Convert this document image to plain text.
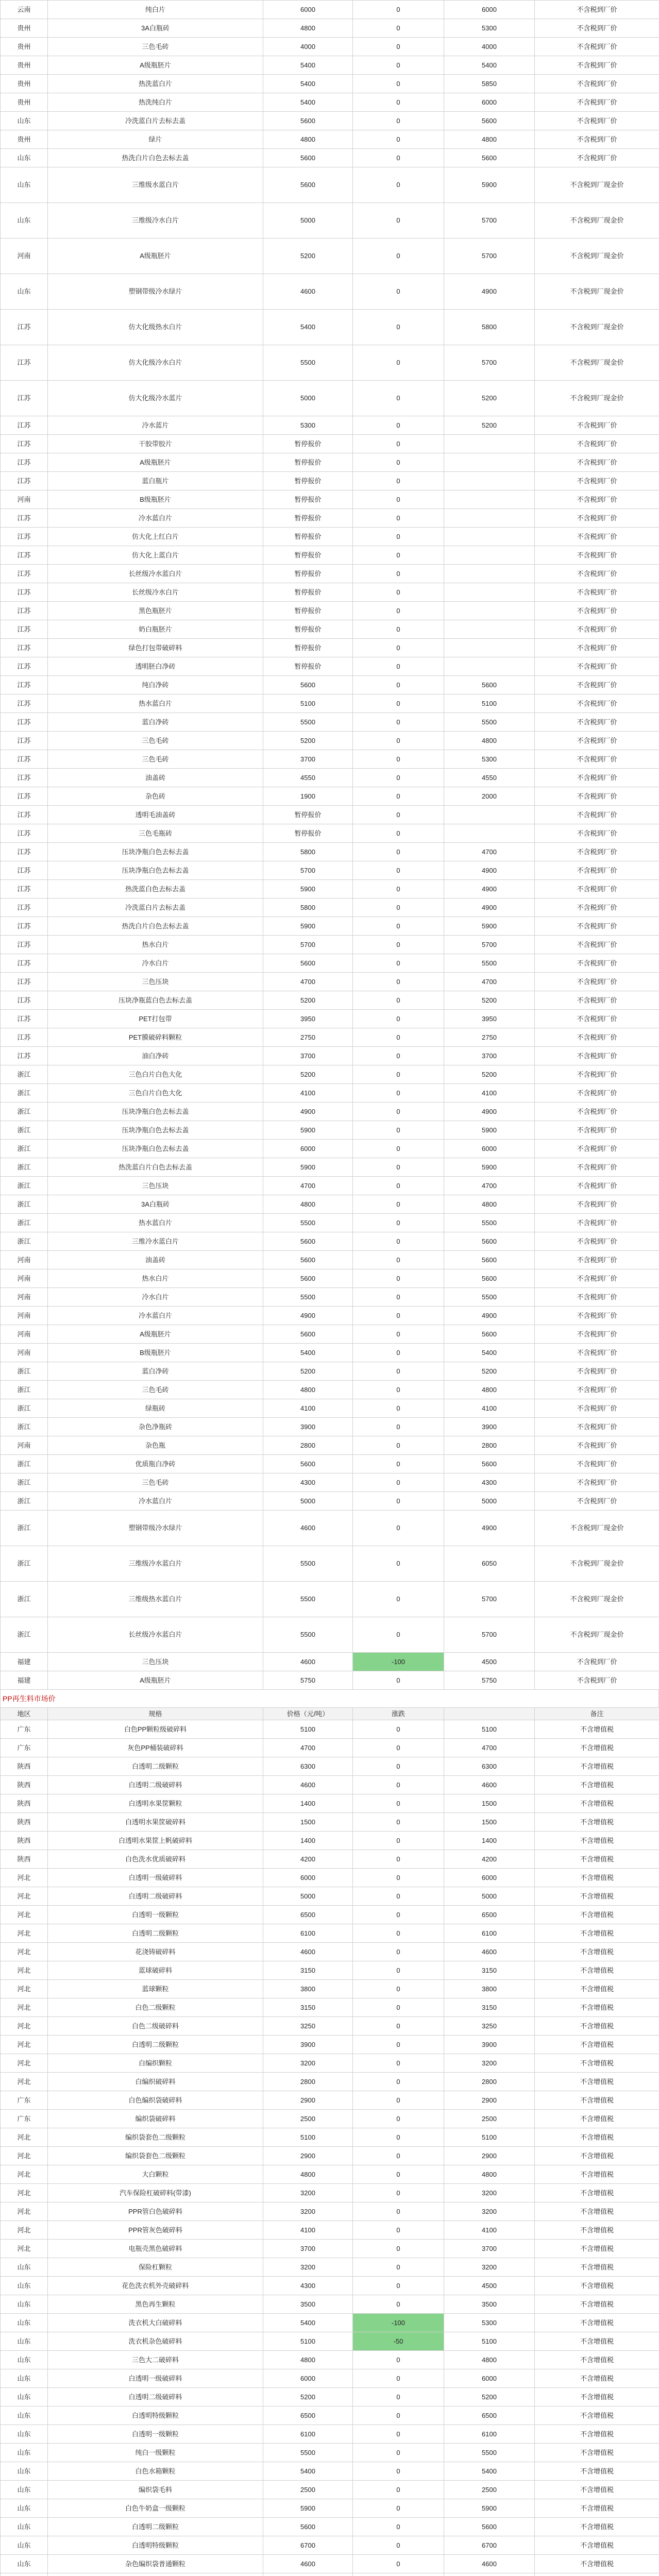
云南	纯白片	6000	0	6000	不含税到厂价
贵州	3A白瓶砖	4800	0	5300	不含税到厂价
贵州	三色毛砖	4000	0	4000	不含税到厂价
贵州	A级瓶胚片	5400	0	5400	不含税到厂价
贵州	热洗蓝白片	5400	0	5850	不含税到厂价
贵州	热洗纯白片	5400	0	6000	不含税到厂价
山东	冷洗蓝白片去标去盖	5600	0	5600	不含税到厂价
贵州	绿片	4800	0	4800	不含税到厂价
山东	热洗白片白色去标去盖	5600	0	5600	不含税到厂价
山东	三维级水蓝白片	5600	0	5900	不含税到厂现金价
山东	三维级冷水白片	5000	0	5700	不含税到厂现金价
河南	A级瓶胚片	5200	0	5700	不含税到厂现金价
山东	塑钢带级冷水绿片	4600	0	4900	不含税到厂现金价
江苏	仿大化级热水白片	5400	0	5800	不含税到厂现金价
江苏	仿大化级冷水白片	5500	0	5700	不含税到厂现金价
江苏	仿大化级冷水蓝片	5000	0	5200	不含税到厂现金价
江苏	冷水蓝片	5300	0	5200	不含税到厂价
江苏	干胶带胶片	暂停报价	0		不含税到厂价
江苏	A级瓶胚片	暂停报价	0		不含税到厂价
江苏	蓝白瓶片	暂停报价	0		不含税到厂价
河南	B级瓶胚片	暂停报价	0		不含税到厂价
江苏	冷水蓝白片	暂停报价	0		不含税到厂价
江苏	仿大化上红白片	暂停报价	0		不含税到厂价
江苏	仿大化上蓝白片	暂停报价	0		不含税到厂价
江苏	长丝级冷水蓝白片	暂停报价	0		不含税到厂价
江苏	长丝级冷水白片	暂停报价	0		不含税到厂价
江苏	黑色瓶胚片	暂停报价	0		不含税到厂价
江苏	奶白瓶胚片	暂停报价	0		不含税到厂价
江苏	绿色打包带破碎料	暂停报价	0		不含税到厂价
江苏	透明胚白净砖	暂停报价	0		不含税到厂价
江苏	纯白净砖	5600	0	5600	不含税到厂价
江苏	热水蓝白片	5100	0	5100	不含税到厂价
江苏	蓝白净砖	5500	0	5500	不含税到厂价
江苏	三色毛砖	5200	0	4800	不含税到厂价
江苏	三色毛砖	3700	0	5300	不含税到厂价
江苏	油盖砖	4550	0	4550	不含税到厂价
江苏	杂色砖	1900	0	2000	不含税到厂价
江苏	透明毛油盖砖	暂停报价	0		不含税到厂价
江苏	三色毛瓶砖	暂停报价	0		不含税到厂价
江苏	压块净瓶白色去标去盖	5800	0	4700	不含税到厂价
江苏	压块净瓶白色去标去盖	5700	0	4900	不含税到厂价
江苏	热洗蓝白色去标去盖	5900	0	4900	不含税到厂价
江苏	冷洗蓝白片去标去盖	5800	0	4900	不含税到厂价
江苏	热洗白片白色去标去盖	5900	0	5900	不含税到厂价
江苏	热水白片	5700	0	5700	不含税到厂价
江苏	冷水白片	5600	0	5500	不含税到厂价
江苏	三色压块	4700	0	4700	不含税到厂价
江苏	压块净瓶蓝白色去标去盖	5200	0	5200	不含税到厂价
江苏	PET打包带	3950	0	3950	不含税到厂价
江苏	PET膜破碎料颗粒	2750	0	2750	不含税到厂价
江苏	油白净砖	3700	0	3700	不含税到厂价
浙江	三色白片白色大化	5200	0	5200	不含税到厂价
浙江	三色白片白色大化	4100	0	4100	不含税到厂价
浙江	压块净瓶白色去标去盖	4900	0	4900	不含税到厂价
浙江	压块净瓶白色去标去盖	5900	0	5900	不含税到厂价
浙江	压块净瓶白色去标去盖	6000	0	6000	不含税到厂价
浙江	热洗蓝白片白色去标去盖	5900	0	5900	不含税到厂价
浙江	三色压块	4700	0	4700	不含税到厂价
浙江	3A白瓶砖	4800	0	4800	不含税到厂价
浙江	热水蓝白片	5500	0	5500	不含税到厂价
浙江	三维冷水蓝白片	5600	0	5600	不含税到厂价
河南	油盖砖	5600	0	5600	不含税到厂价
河南	热水白片	5600	0	5600	不含税到厂价
河南	冷水白片	5500	0	5500	不含税到厂价
河南	冷水蓝白片	4900	0	4900	不含税到厂价
河南	A级瓶胚片	5600	0	5600	不含税到厂价
河南	B级瓶胚片	5400	0	5400	不含税到厂价
浙江	蓝白净砖	5200	0	5200	不含税到厂价
浙江	三色毛砖	4800	0	4800	不含税到厂价
浙江	绿瓶砖	4100	0	4100	不含税到厂价
浙江	杂色净瓶砖	3900	0	3900	不含税到厂价
河南	杂色瓶	2800	0	2800	不含税到厂价
浙江	优质瓶白净砖	5600	0	5600	不含税到厂价
浙江	三色毛砖	4300	0	4300	不含税到厂价
浙江	冷水蓝白片	5000	0	5000	不含税到厂价
浙江	塑钢带级冷水绿片	4600	0	4900	不含税到厂现金价
浙江	三维级冷水蓝白片	5500	0	6050	不含税到厂现金价
浙江	三维级热水蓝白片	5500	0	5700	不含税到厂现金价
浙江	长丝级冷水蓝白片	5500	0	5700	不含税到厂现金价
福建	三色压块	4600	-100	4500	不含税到厂价
福建	A级瓶胚片	5750	0	5750	不含税到厂价
PP再生料市场价
地区	规格	价格（元/吨）	涨跌		备注
广东	白色PP颗粒级破碎料	5100	0	5100	不含增值税
广东	灰色PP桶装破碎料	4700	0	4700	不含增值税
陕西	白透明二级颗粒	6300	0	6300	不含增值税
陕西	白透明二级破碎料	4600	0	4600	不含增值税
陕西	白透明水果筐颗粒	1400	0	1500	不含增值税
陕西	白透明水果筐破碎料	1500	0	1500	不含增值税
陕西	白透明水果筐上帆破碎料	1400	0	1400	不含增值税
陕西	白色洗水优质破碎料	4200	0	4200	不含增值税
河北	白透明一级破碎料	6000	0	6000	不含增值税
河北	白透明二级破碎料	5000	0	5000	不含增值税
河北	白透明一级颗粒	6500	0	6500	不含增值税
河北	白透明二级颗粒	6100	0	6100	不含增值税
河北	花浇铸破碎料	4600	0	4600	不含增值税
河北	蓝球破碎料	3150	0	3150	不含增值税
河北	蓝球颗粒	3800	0	3800	不含增值税
河北	白色二级颗粒	3150	0	3150	不含增值税
河北	白色二级破碎料	3250	0	3250	不含增值税
河北	白透明二级颗粒	3900	0	3900	不含增值税
河北	白编织颗粒	3200	0	3200	不含增值税
河北	白编织破碎料	2800	0	2800	不含增值税
广东	白色编织袋破碎料	2900	0	2900	不含增值税
广东	编织袋破碎料	2500	0	2500	不含增值税
河北	编织袋套色二级颗粒	5100	0	5100	不含增值税
河北	编织袋套色二级颗粒	2900	0	2900	不含增值税
河北	大白颗粒	4800	0	4800	不含增值税
河北	汽车保险杠破碎料(带漆)	3200	0	3200	不含增值税
河北	PPR管白色破碎料	3200	0	3200	不含增值税
河北	PPR管灰色破碎料	4100	0	4100	不含增值税
河北	电瓶壳黑色破碎料	3700	0	3700	不含增值税
山东	保险杠颗粒	3200	0	3200	不含增值税
山东	花色洗衣机外壳破碎料	4300	0	4500	不含增值税
山东	黑色再生颗粒	3500	0	3500	不含增值税
山东	洗衣机大白破碎料	5400	-100	5300	不含增值税
山东	洗衣机杂色破碎料	5100	-50	5100	不含增值税
山东	三色大二破碎料	4800	0	4800	不含增值税
山东	白透明一级破碎料	6000	0	6000	不含增值税
山东	白透明二级破碎料	5200	0	5200	不含增值税
山东	白透明特级颗粒	6500	0	6500	不含增值税
山东	白透明一级颗粒	6100	0	6100	不含增值税
山东	纯白一级颗粒	5500	0	5500	不含增值税
山东	白色水箱颗粒	5400	0	5400	不含增值税
山东	编织袋毛料	2500	0	2500	不含增值税
山东	白色牛奶盒一级颗粒	5900	0	5900	不含增值税
山东	白透明二级颗粒	5600	0	5600	不含增值税
山东	白透明特级颗粒	6700	0	6700	不含增值税
山东	杂色编织袋普通颗粒	4600	0	4600	不含增值税
